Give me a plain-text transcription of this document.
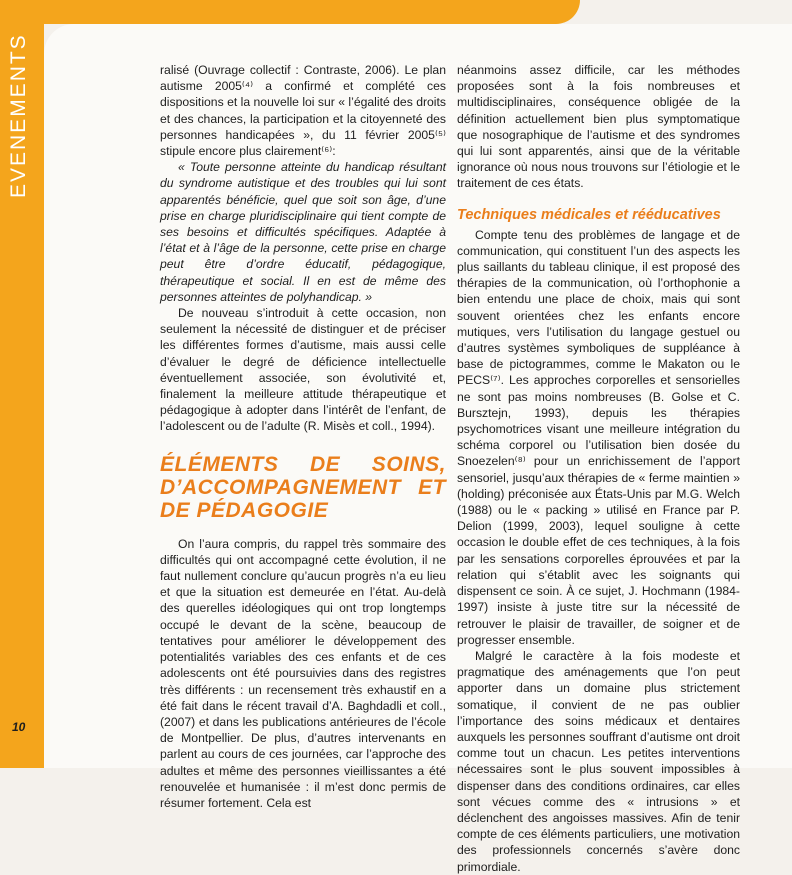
EVENEMENTS
10

ralisé (Ouvrage collectif : Contraste, 2006). Le plan autisme 2005⁽⁴⁾ a confirmé et complété ces dispositions et la nouvelle loi sur « l’égalité des droits et des chances, la participation et la citoyenneté des personnes handicapées », du 11 février 2005⁽⁵⁾ stipule encore plus clairement⁽⁶⁾:

« Toute personne atteinte du handicap résultant du syndrome autistique et des troubles qui lui sont apparentés bénéficie, quel que soit son âge, d’une prise en charge pluridisciplinaire qui tient compte de ses besoins et difficultés spécifiques. Adaptée à l’état et à l’âge de la personne, cette prise en charge peut être d’ordre éducatif, pédagogique, thérapeutique et social. Il en est de même des personnes atteintes de polyhandicap. »

De nouveau s’introduit à cette occasion, non seulement la nécessité de distinguer et de préciser les différentes formes d’autisme, mais aussi celle d’évaluer le degré de déficience intellectuelle éventuellement associée, son évolutivité et, finalement la meilleure attitude thérapeutique et pédagogique à adopter dans l’intérêt de l’enfant, de l’adolescent ou de l’adulte (R. Misès et coll., 1994).

ÉLÉMENTS DE SOINS, D’ACCOMPAGNEMENT ET DE PÉDAGOGIE

On l’aura compris, du rappel très sommaire des difficultés qui ont accompagné cette évolution, il ne faut nullement conclure qu’aucun progrès n’a eu lieu et que la situation est demeurée en l’état. Au-delà des querelles idéologiques qui ont trop longtemps occupé le devant de la scène, beaucoup de tentatives pour améliorer le développement des potentialités variables des ces enfants et de ces adolescents ont été poursuivies dans des registres très différents : un recensement très exhaustif en a été fait dans le récent travail d’A. Baghdadli et coll., (2007) et dans les publications antérieures de l’école de Montpellier. De plus, d’autres intervenants en parlent au cours de ces journées, car l’approche des adultes et même des personnes vieillissantes a été renouvelée et humanisée : il m’est donc permis de résumer fortement. Cela est

néanmoins assez difficile, car les méthodes proposées sont à la fois nombreuses et multidisciplinaires, conséquence obligée de la définition actuellement bien plus symptomatique que nosographique de l’autisme et des syndromes qui lui sont apparentés, ainsi que de la véritable ignorance où nous nous trouvons sur l’étiologie et le traitement de ces états.

Techniques médicales et rééducatives

Compte tenu des problèmes de langage et de communication, qui constituent l’un des aspects les plus saillants du tableau clinique, il est proposé des thérapies de la communication, où l’orthophonie a bien entendu une place de choix, mais qui sont souvent orientées chez les enfants encore mutiques, vers l’utilisation du langage gestuel ou d’autres systèmes symboliques de suppléance à base de pictogrammes, comme le Makaton ou le PECS⁽⁷⁾. Les approches corporelles et sensorielles ne sont pas moins nombreuses (B. Golse et C. Bursztejn, 1993), depuis les thérapies psychomotrices visant une meilleure intégration du schéma corporel ou l’utilisation bien dosée du Snoezelen⁽⁸⁾ pour un enrichissement de l’apport sensoriel, jusqu’aux thérapies de « ferme maintien » (holding) préconisée aux États-Unis par M.G. Welch (1988) ou le « packing » utilisé en France par P. Delion (1999, 2003), lequel souligne à cette occasion le double effet de ces techniques, à la fois par les sensations corporelles éprouvées et par la relation qui s’établit avec les soignants qui dispensent ce soin. À ce sujet, J. Hochmann (1984-1997) insiste à juste titre sur la nécessité de retrouver le plaisir de travailler, de soigner et de progresser ensemble.

Malgré le caractère à la fois modeste et pragmatique des aménagements que l’on peut apporter dans un domaine plus strictement somatique, il convient de ne pas oublier l’importance des soins médicaux et dentaires auxquels les personnes souffrant d’autisme ont droit comme tout un chacun. Les petites interventions nécessaires sont le plus souvent impossibles à dispenser dans des conditions ordinaires, car elles sont vécues comme des « intrusions » et déclenchent des angoisses massives. Afin de tenir compte de ces éléments particuliers, une motivation des professionnels concernés s’avère donc primordiale.
